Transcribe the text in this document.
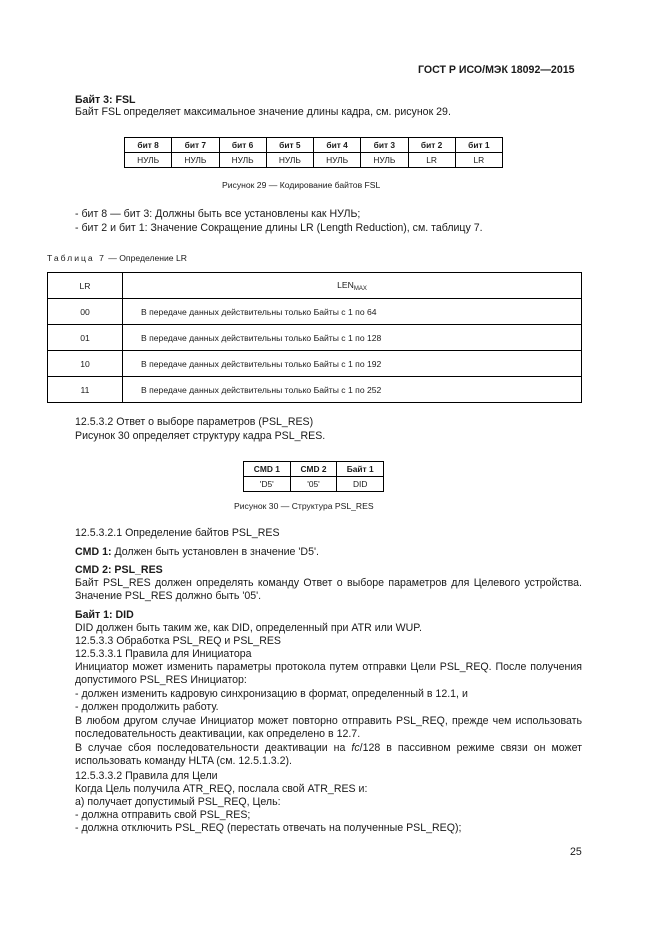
ГОСТ Р ИСО/МЭК 18092—2015
Байт 3: FSL
Байт FSL определяет максимальное значение длины кадра, см. рисунок 29.
бит 8	бит 7	бит 6	бит 5	бит 4	бит 3	бит 2	бит 1
НУЛЬ	НУЛЬ	НУЛЬ	НУЛЬ	НУЛЬ	НУЛЬ	LR	LR
Рисунок 29 — Кодирование байтов FSL
- бит 8 — бит 3: Должны быть все установлены как НУЛЬ;
- бит 2 и бит 1: Значение Сокращение длины LR (Length Reduction), см. таблицу 7.
Таблица 7 — Определение LR
LR	$LEN_{MAX}$
00	В передаче данных действительны только Байты с 1 по 64
01	В передаче данных действительны только Байты с 1 по 128
10	В передаче данных действительны только Байты с 1 по 192
11	В передаче данных действительны только Байты с 1 по 252
12.5.3.2 Ответ о выборе параметров (PSL_RES)
Рисунок 30 определяет структуру кадра PSL_RES.
CMD 1	CMD 2	Байт 1
'D5'	'05'	DID
Рисунок 30 — Структура PSL_RES
12.5.3.2.1 Определение байтов PSL_RES
CMD 1: Должен быть установлен в значение 'D5'.
CMD 2: PSL_RES
Байт PSL_RES должен определять команду Ответ о выборе параметров для Целевого устройства. Значение PSL_RES должно быть '05'.
Байт 1: DID
DID должен быть таким же, как DID, определенный при ATR или WUP.
12.5.3.3 Обработка PSL_REQ и PSL_RES
12.5.3.3.1 Правила для Инициатора
Инициатор может изменить параметры протокола путем отправки Цели PSL_REQ. После получения допустимого PSL_RES Инициатор:
- должен изменить кадровую синхронизацию в формат, определенный в 12.1, и
- должен продолжить работу.
В любом другом случае Инициатор может повторно отправить PSL_REQ, прежде чем использовать последовательность деактивации, как определено в 12.7.
В случае сбоя последовательности деактивации на fc/128 в пассивном режиме связи он может использовать команду HLTA (см. 12.5.1.3.2).
12.5.3.3.2 Правила для Цели
Когда Цель получила ATR_REQ, послала свой ATR_RES и:
а) получает допустимый PSL_REQ, Цель:
- должна отправить свой PSL_RES;
- должна отключить PSL_REQ (перестать отвечать на полученные PSL_REQ);
25
